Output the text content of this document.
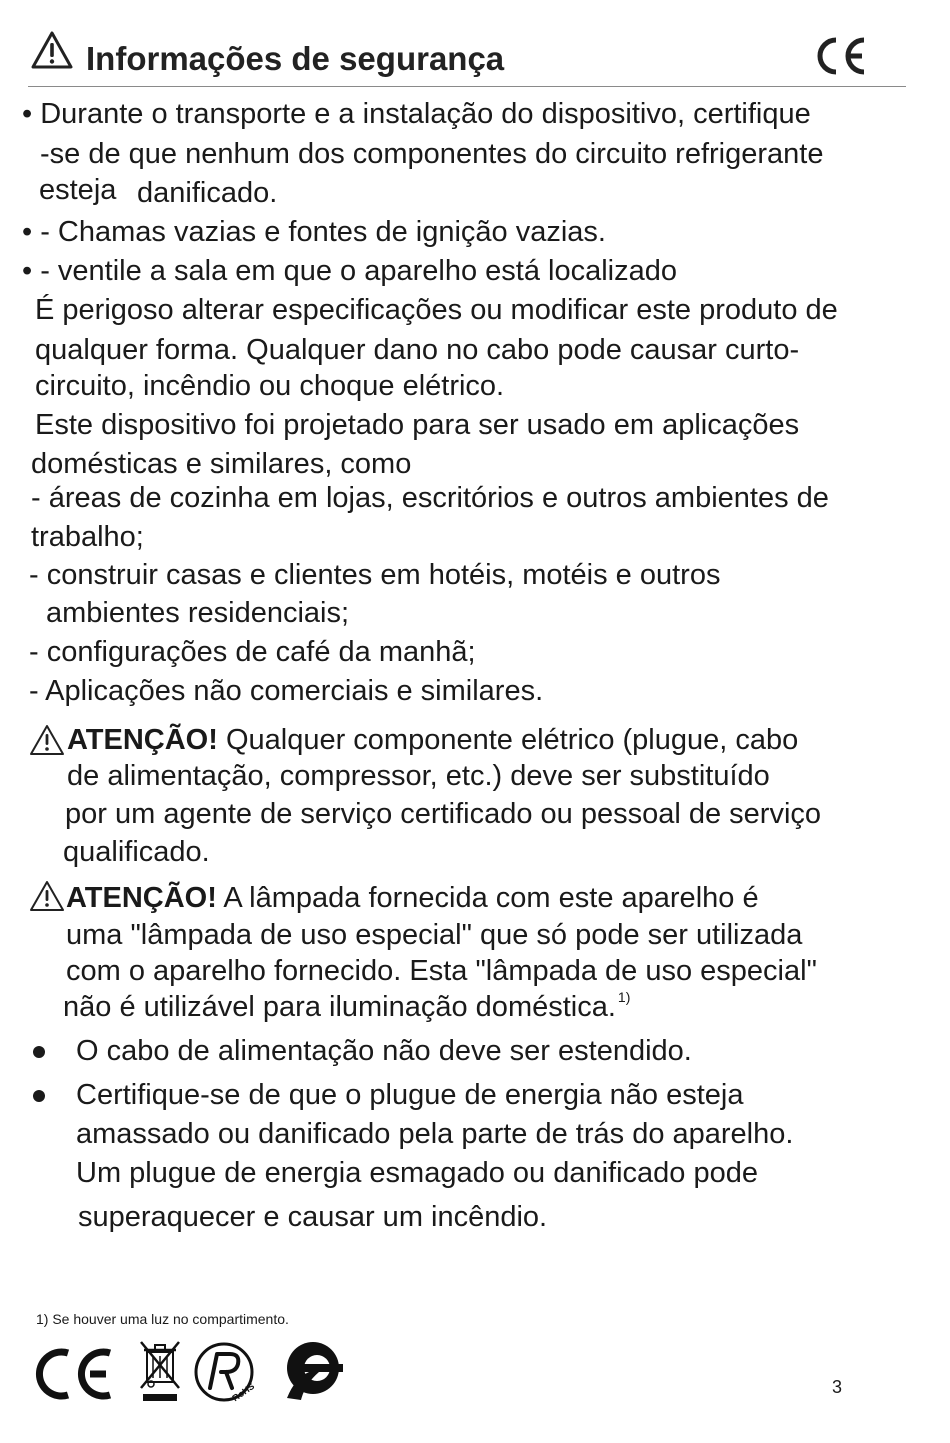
Informações de segurança
• Durante o transporte e a instalação do dispositivo, certifique
-se de que nenhum dos componentes do circuito refrigerante
esteja danificado.
• - Chamas vazias e fontes de ignição vazias.
• - ventile a sala em que o aparelho está localizado
É perigoso alterar especificações ou modificar este produto de
qualquer forma. Qualquer dano no cabo pode causar curto-
circuito, incêndio ou choque elétrico.
Este dispositivo foi projetado para ser usado em aplicações
domésticas e similares, como
- áreas de cozinha em lojas, escritórios e outros ambientes de
trabalho;
- construir casas e clientes em hotéis, motéis e outros
ambientes residenciais;
- configurações de café da manhã;
- Aplicações não comerciais e similares.
ATENÇÃO! Qualquer componente elétrico (plugue, cabo
de alimentação, compressor, etc.) deve ser substituído
por um agente de serviço certificado ou pessoal de serviço
qualificado.
ATENÇÃO! A lâmpada fornecida com este aparelho é
uma "lâmpada de uso especial" que só pode ser utilizada
com o aparelho fornecido. Esta "lâmpada de uso especial"
não é utilizável para iluminação doméstica. $^{1)}$
O cabo de alimentação não deve ser estendido.
Certifique-se de que o plugue de energia não esteja
amassado ou danificado pela parte de trás do aparelho.
Um plugue de energia esmagado ou danificado pode
superaquecer e causar um incêndio.
1) Se houver uma luz no compartimento.
RoHS	3
